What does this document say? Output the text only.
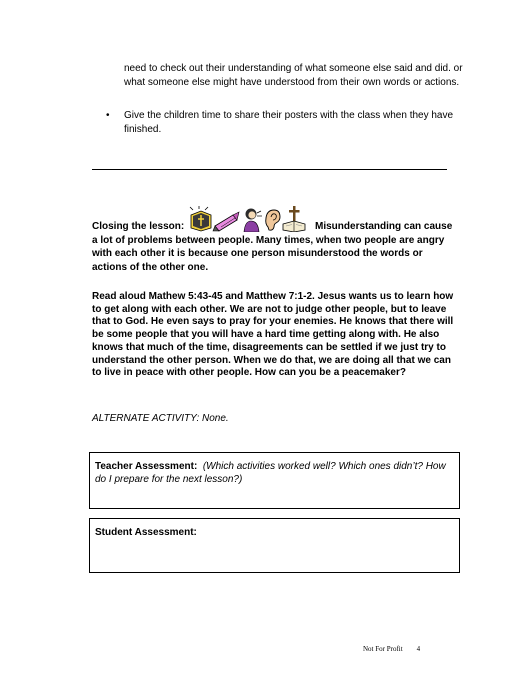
need to check out their understanding of what someone else said and did. or what someone else might have understood from their own words or actions.

•	Give the children time to share their posters with the class when they have finished.

Closing the lesson:	Misunderstanding can cause a lot of problems between people. Many times, when two people are angry with each other it is because one person misunderstood the words or actions of the other one.

Read aloud Mathew 5:43-45 and Matthew 7:1-2. Jesus wants us to learn how to get along with each other. We are not to judge other people, but to leave that to God. He even says to pray for your enemies. He knows that there will be some people that you will have a hard time getting along with. He also knows that much of the time, disagreements can be settled if we just try to understand the other person. When we do that, we are doing all that we can to live in peace with other people. How can you be a peacemaker?

ALTERNATE ACTIVITY: None.

Teacher Assessment: (Which activities worked well? Which ones didn’t? How do I prepare for the next lesson?)
Student Assessment:
Not For Profit 4
